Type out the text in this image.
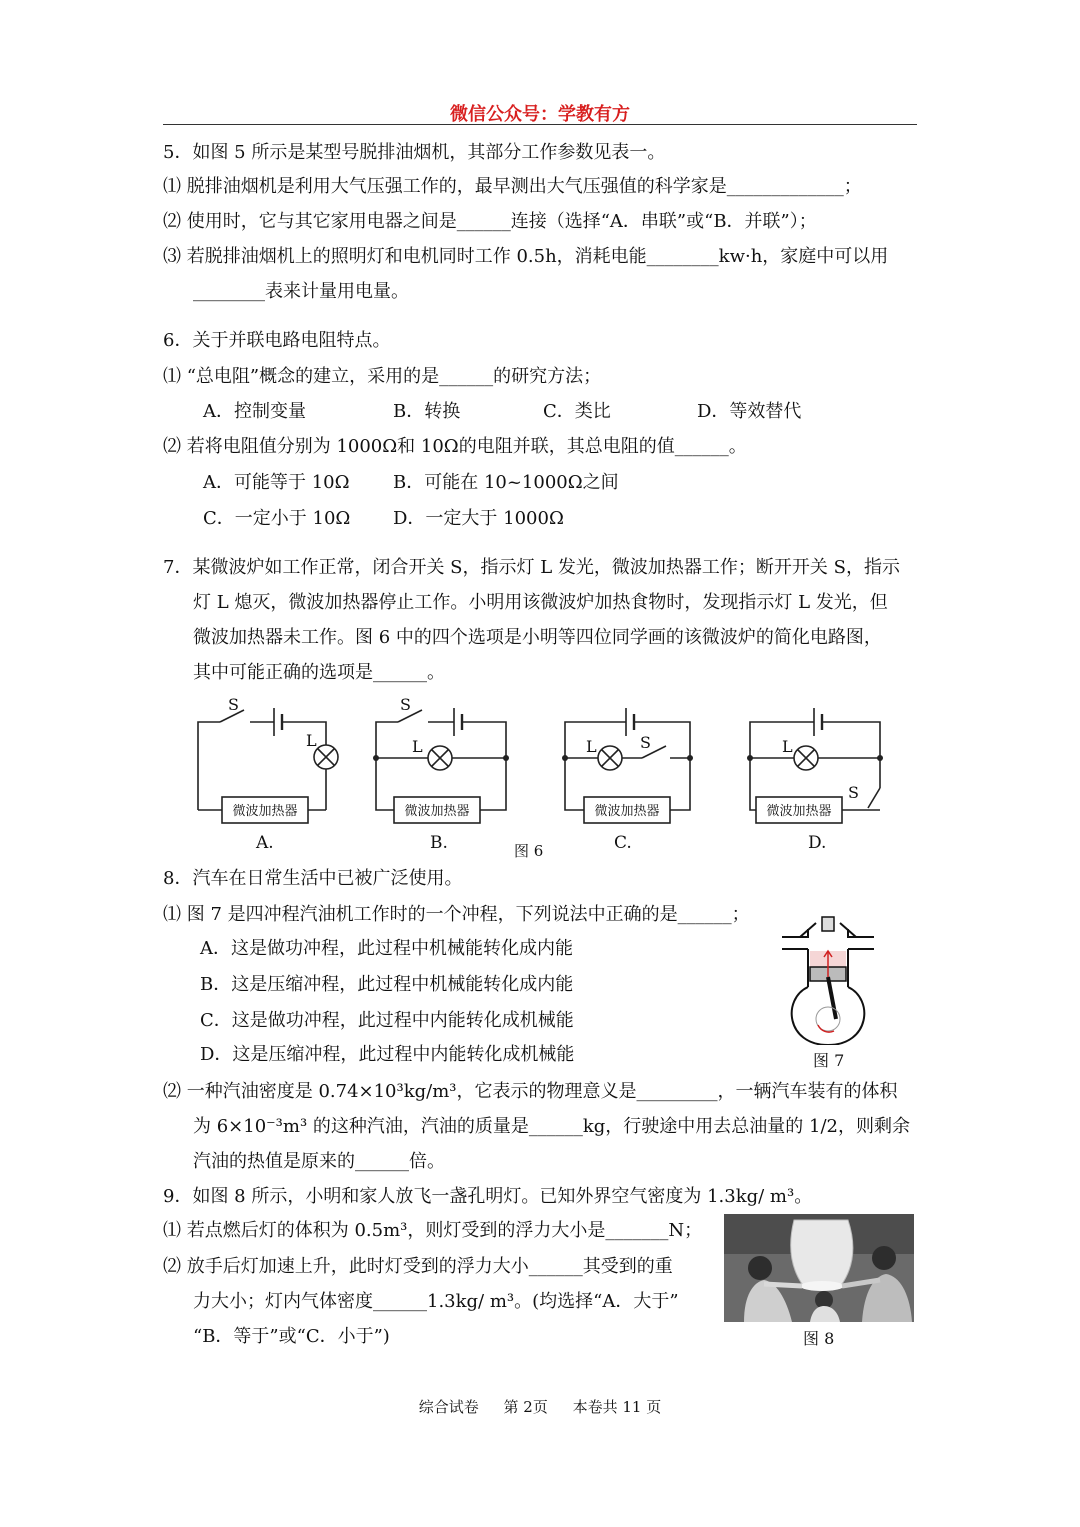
微信公众号：学教有方
5．如图 5 所示是某型号脱排油烟机，其部分工作参数见表一。
⑴ 脱排油烟机是利用大气压强工作的，最早测出大气压强值的科学家是_____________；
⑵ 使用时，它与其它家用电器之间是______连接（选择“A．串联”或“B．并联”）；
⑶ 若脱排油烟机上的照明灯和电机同时工作 0.5h，消耗电能________kw·h，家庭中可以用
________表来计量用电量。
6．关于并联电路电阻特点。
⑴ “总电阻”概念的建立，采用的是______的研究方法；
A．控制变量	B．转换	C．类比	D．等效替代
⑵ 若将电阻值分别为 1000Ω和 10Ω的电阻并联，其总电阻的值______。
A．可能等于 10Ω B．可能在 10~1000Ω之间
C．一定小于 10Ω D．一定大于 1000Ω
7．某微波炉如工作正常，闭合开关 S，指示灯 L 发光，微波加热器工作；断开开关 S，指示
灯 L 熄灭，微波加热器停止工作。小明用该微波炉加热食物时，发现指示灯 L 发光，但
微波加热器未工作。图 6 中的四个选项是小明等四位同学画的该微波炉的简化电路图，
其中可能正确的选项是______。
S
L
S
L	L	S	L
S
微波加热器	微波加热器	微波加热器	微波加热器
A.	B.	C.	D.
图 6
8．汽车在日常生活中已被广泛使用。
⑴ 图 7 是四冲程汽油机工作时的一个冲程，下列说法中正确的是______；
A．这是做功冲程，此过程中机械能转化成内能
B．这是压缩冲程，此过程中机械能转化成内能
C．这是做功冲程，此过程中内能转化成机械能
D．这是压缩冲程，此过程中内能转化成机械能	图 7
⑵ 一种汽油密度是 0.74×10³kg/m³，它表示的物理意义是_________，一辆汽车装有的体积
为 6×10⁻³m³ 的这种汽油，汽油的质量是______kg，行驶途中用去总油量的 1/2，则剩余
汽油的热值是原来的______倍。
9．如图 8 所示，小明和家人放飞一盏孔明灯。已知外界空气密度为 1.3kg/ m³。
⑴ 若点燃后灯的体积为 0.5m³，则灯受到的浮力大小是_______N；
⑵ 放手后灯加速上升，此时灯受到的浮力大小______其受到的重
力大小；灯内气体密度______1.3kg/ m³。(均选择“A．大于”
“B．等于”或“C．小于”)	图 8
综合试卷 第 2页 本卷共 11 页
